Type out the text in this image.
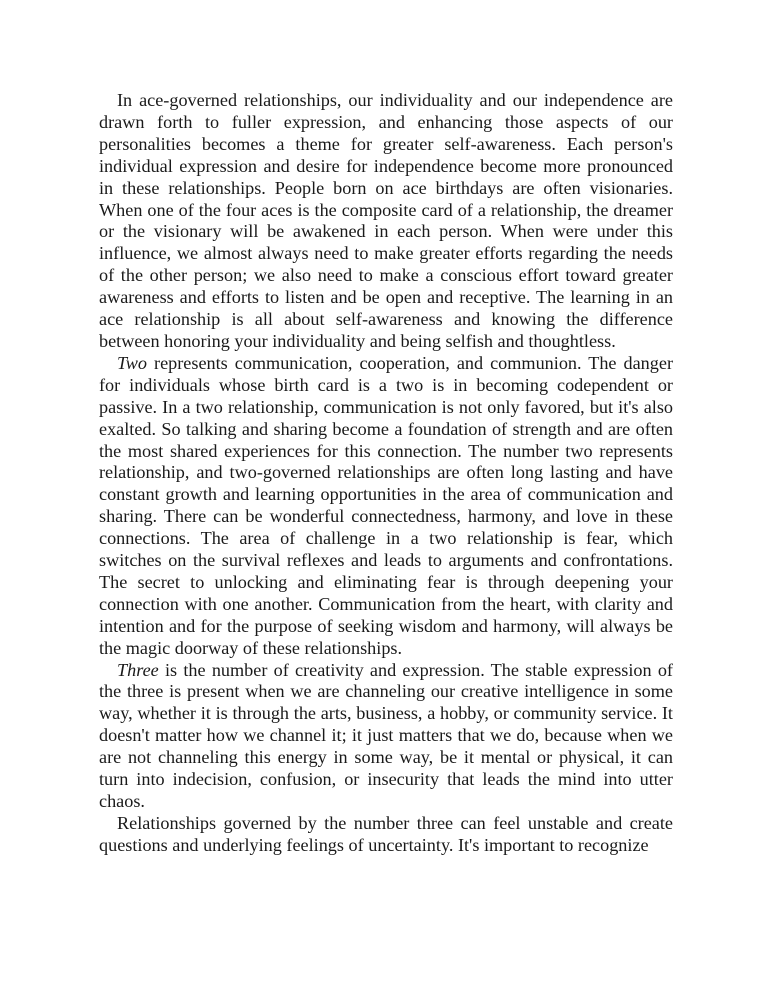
In ace-governed relationships, our individuality and our independence are drawn forth to fuller expression, and enhancing those aspects of our personalities becomes a theme for greater self-awareness. Each person's individual expression and desire for independence become more pronounced in these relationships. People born on ace birthdays are often visionaries. When one of the four aces is the composite card of a relationship, the dreamer or the visionary will be awakened in each person. When were under this influence, we almost always need to make greater efforts regarding the needs of the other person; we also need to make a conscious effort toward greater awareness and efforts to listen and be open and receptive. The learning in an ace relationship is all about self-awareness and knowing the difference between honoring your individuality and being selfish and thoughtless.

Two represents communication, cooperation, and communion. The danger for individuals whose birth card is a two is in becoming codependent or passive. In a two relationship, communication is not only favored, but it's also exalted. So talking and sharing become a foundation of strength and are often the most shared experiences for this connection. The number two represents relationship, and two-governed relationships are often long lasting and have constant growth and learning opportunities in the area of communication and sharing. There can be wonderful connectedness, harmony, and love in these connections. The area of challenge in a two relationship is fear, which switches on the survival reflexes and leads to arguments and confrontations. The secret to unlocking and eliminating fear is through deepening your connection with one another. Communication from the heart, with clarity and intention and for the purpose of seeking wisdom and harmony, will always be the magic doorway of these relationships.

Three is the number of creativity and expression. The stable expression of the three is present when we are channeling our creative intelligence in some way, whether it is through the arts, business, a hobby, or community service. It doesn't matter how we channel it; it just matters that we do, because when we are not channeling this energy in some way, be it mental or physical, it can turn into indecision, confusion, or insecurity that leads the mind into utter chaos.

Relationships governed by the number three can feel unstable and create questions and underlying feelings of uncertainty. It's important to recognize
